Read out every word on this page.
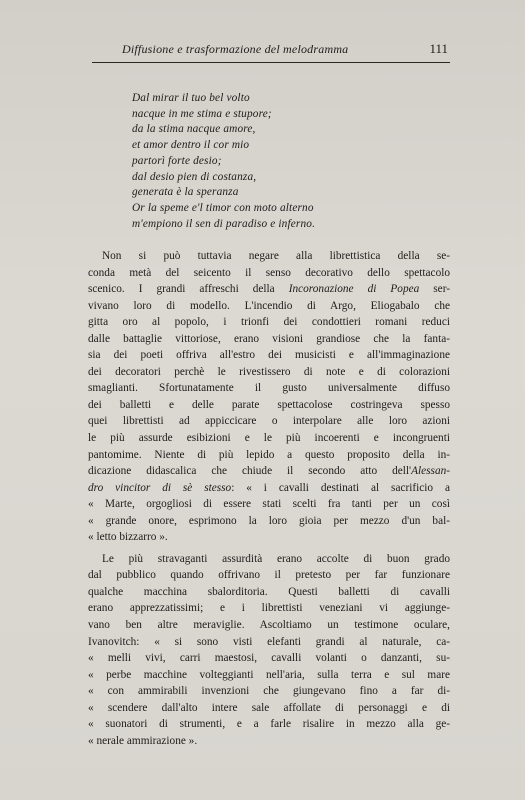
Diffusione e trasformazione del melodramma	111
Dal mirar il tuo bel volto
nacque in me stima e stupore;
da la stima nacque amore,
et amor dentro il cor mio
partorì forte desio;
dal desio pien di costanza,
generata è la speranza
Or la speme e'l timor con moto alterno
m'empiono il sen di paradiso e inferno.
Non si può tuttavia negare alla librettistica della se-
conda metà del seicento il senso decorativo dello spettacolo
scenico. I grandi affreschi della Incoronazione di Popea ser-
vivano loro di modello. L'incendio di Argo, Eliogabalo che
gitta oro al popolo, i trionfi dei condottieri romani reduci
dalle battaglie vittoriose, erano visioni grandiose che la fanta-
sia dei poeti offriva all'estro dei musicisti e all'immaginazione
dei decoratori perchè le rivestissero di note e di colorazioni
smaglianti. Sfortunatamente il gusto universalmente diffuso
dei balletti e delle parate spettacolose costringeva spesso
quei librettisti ad appiccicare o interpolare alle loro azioni
le più assurde esibizioni e le più incoerenti e incongruenti
pantomime. Niente di più lepido a questo proposito della in-
dicazione didascalica che chiude il secondo atto dell'Alessan-
dro vincitor di sè stesso: « i cavalli destinati al sacrificio a
« Marte, orgogliosi di essere stati scelti fra tanti per un così
« grande onore, esprimono la loro gioia per mezzo d'un bal-
« letto bizzarro ».
Le più stravaganti assurdità erano accolte di buon grado
dal pubblico quando offrivano il pretesto per far funzionare
qualche macchina sbalorditoria. Questi balletti di cavalli
erano apprezzatissimi; e i librettisti veneziani vi aggiunge-
vano ben altre meraviglie. Ascoltiamo un testimone oculare,
Ivanovitch: « si sono visti elefanti grandi al naturale, ca-
« melli vivi, carri maestosi, cavalli volanti o danzanti, su-
« perbe macchine volteggianti nell'aria, sulla terra e sul mare
« con ammirabili invenzioni che giungevano fino a far di-
« scendere dall'alto intere sale affollate di personaggi e di
« suonatori di strumenti, e a farle risalire in mezzo alla ge-
« nerale ammirazione ».
